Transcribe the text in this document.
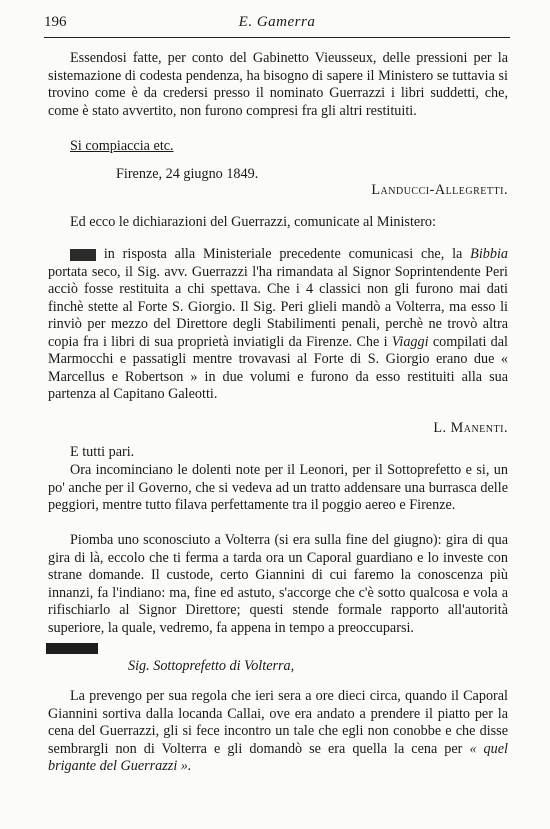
196	E. Gamerra
Essendosi fatte, per conto del Gabinetto Vieusseux, delle pressioni per la sistemazione di codesta pendenza, ha bisogno di sapere il Ministero se tuttavia si trovino come è da credersi presso il nominato Guerrazzi i libri suddetti, che, come è stato avvertito, non furono compresi fra gli altri restituiti.
Si compiaccia etc.
Firenze, 24 giugno 1849.
Landucci-Allegretti.
Ed ecco le dichiarazioni del Guerrazzi, comunicate al Ministero:
in risposta alla Ministeriale precedente comunicasi che, la Bibbia portata seco, il Sig. avv. Guerrazzi l'ha rimandata al Signor Soprintendente Peri acciò fosse restituita a chi spettava. Che i 4 classici non gli furono mai dati finchè stette al Forte S. Giorgio. Il Sig. Peri glieli mandò a Volterra, ma esso li rinviò per mezzo del Direttore degli Stabilimenti penali, perchè ne trovò altra copia fra i libri di sua proprietà inviatigli da Firenze. Che i Viaggi compilati dal Marmocchi e passatigli mentre trovavasi al Forte di S. Giorgio erano due « Marcellus e Robertson » in due volumi e furono da esso restituiti alla sua partenza al Capitano Galeotti.
L. Manenti.
E tutti pari.
Ora incominciano le dolenti note per il Leonori, per il Sottoprefetto e si, un po' anche per il Governo, che si vedeva ad un tratto addensare una burrasca delle peggiori, mentre tutto filava perfettamente tra il poggio aereo e Firenze.
Piomba uno sconosciuto a Volterra (si era sulla fine del giugno): gira di qua gira di là, eccolo che ti ferma a tarda ora un Caporal guardiano e lo investe con strane domande. Il custode, certo Giannini di cui faremo la conoscenza più innanzi, fa l'indiano: ma, fine ed astuto, s'accorge che c'è sotto qualcosa e vola a rifischiarlo al Signor Direttore; questi stende formale rapporto all'autorità superiore, la quale, vedremo, fa appena in tempo a preoccuparsi.
Sig. Sottoprefetto di Volterra,
La prevengo per sua regola che ieri sera a ore dieci circa, quando il Caporal Giannini sortiva dalla locanda Callai, ove era andato a prendere il piatto per la cena del Guerrazzi, gli si fece incontro un tale che egli non conobbe e che disse sembrargli non di Volterra e gli domandò se era quella la cena per « quel brigante del Guerrazzi ».
